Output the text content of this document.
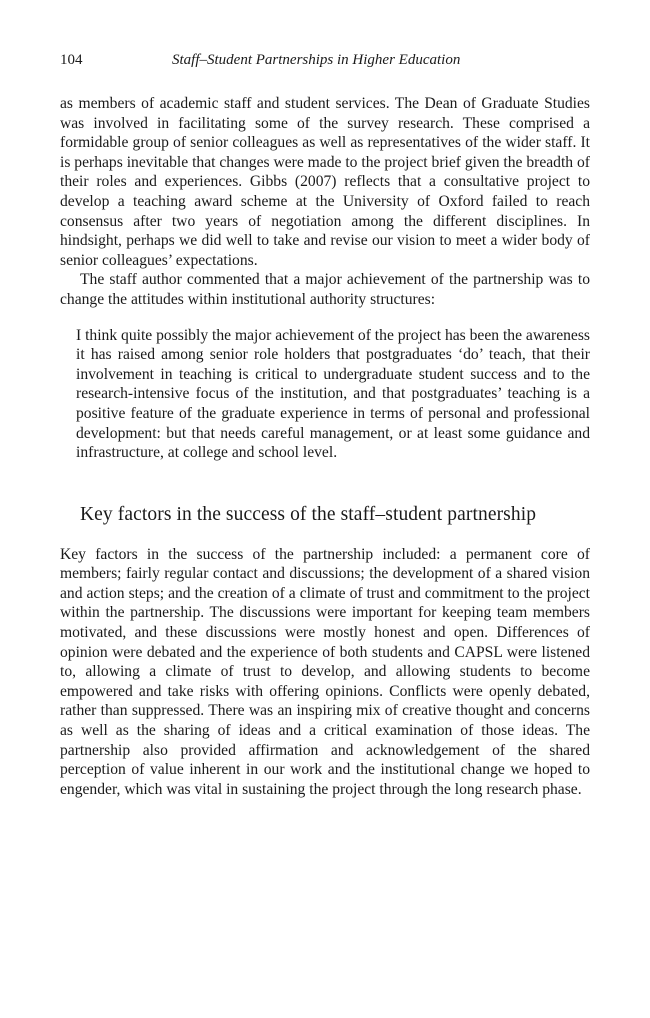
104	Staff–Student Partnerships in Higher Education

as members of academic staff and student services. The Dean of Graduate Studies was involved in facilitating some of the survey research. These comprised a formidable group of senior colleagues as well as representatives of the wider staff. It is perhaps inevitable that changes were made to the project brief given the breadth of their roles and experiences. Gibbs (2007) reflects that a consultative project to develop a teaching award scheme at the University of Oxford failed to reach consensus after two years of negotiation among the different disciplines. In hindsight, perhaps we did well to take and revise our vision to meet a wider body of senior colleagues’ expectations.

The staff author commented that a major achievement of the partnership was to change the attitudes within institutional authority structures:

I think quite possibly the major achievement of the project has been the awareness it has raised among senior role holders that postgraduates ‘do’ teach, that their involvement in teaching is critical to undergraduate student success and to the research-intensive focus of the institution, and that postgraduates’ teaching is a positive feature of the graduate experience in terms of personal and professional development: but that needs careful management, or at least some guidance and infrastructure, at college and school level.

Key factors in the success of the staff–student partnership

Key factors in the success of the partnership included: a permanent core of members; fairly regular contact and discussions; the development of a shared vision and action steps; and the creation of a climate of trust and commitment to the project within the partnership. The discussions were important for keeping team members motivated, and these discussions were mostly honest and open. Differences of opinion were debated and the experience of both students and CAPSL were listened to, allowing a climate of trust to develop, and allowing students to become empowered and take risks with offering opinions. Conflicts were openly debated, rather than suppressed. There was an inspiring mix of creative thought and concerns as well as the sharing of ideas and a critical examination of those ideas. The partnership also provided affirmation and acknowledgement of the shared perception of value inherent in our work and the institutional change we hoped to engender, which was vital in sustaining the project through the long research phase.
